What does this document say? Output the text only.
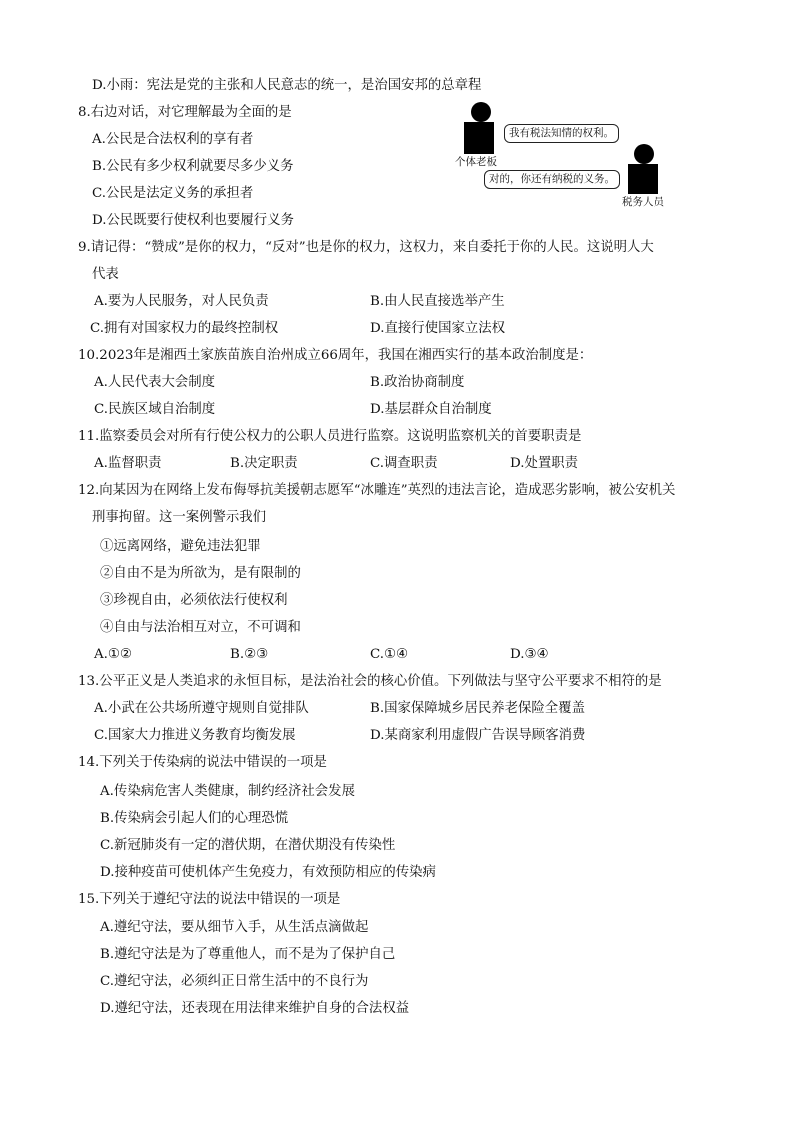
D.小雨：宪法是党的主张和人民意志的统一，是治国安邦的总章程
8.右边对话，对它理解最为全面的是
A.公民是合法权利的享有者
B.公民有多少权利就要尽多少义务
C.公民是法定义务的承担者
D.公民既要行使权利也要履行义务
9.请记得：“赞成”是你的权力，“反对”也是你的权力，这权力，来自委托于你的人民。这说明人大
代表
A.要为人民服务，对人民负责	B.由人民直接选举产生
C.拥有对国家权力的最终控制权	D.直接行使国家立法权
10.2023年是湘西土家族苗族自治州成立66周年，我国在湘西实行的基本政治制度是：
A.人民代表大会制度	B.政治协商制度
C.民族区域自治制度	D.基层群众自治制度
11.监察委员会对所有行使公权力的公职人员进行监察。这说明监察机关的首要职责是
A.监督职责	B.决定职责	C.调查职责	D.处置职责
12.向某因为在网络上发布侮辱抗美援朝志愿军“冰雕连”英烈的违法言论，造成恶劣影响，被公安机关
刑事拘留。这一案例警示我们
①远离网络，避免违法犯罪
②自由不是为所欲为，是有限制的
③珍视自由，必须依法行使权利
④自由与法治相互对立，不可调和
A.①②	B.②③	C.①④	D.③④
13.公平正义是人类追求的永恒目标，是法治社会的核心价值。下列做法与坚守公平要求不相符的是
A.小武在公共场所遵守规则自觉排队	B.国家保障城乡居民养老保险全覆盖
C.国家大力推进义务教育均衡发展	D.某商家利用虚假广告误导顾客消费
14.下列关于传染病的说法中错误的一项是
A.传染病危害人类健康，制约经济社会发展
B.传染病会引起人们的心理恐慌
C.新冠肺炎有一定的潜伏期，在潜伏期没有传染性
D.接种疫苗可使机体产生免疫力，有效预防相应的传染病
15.下列关于遵纪守法的说法中错误的一项是
A.遵纪守法，要从细节入手，从生活点滴做起
B.遵纪守法是为了尊重他人，而不是为了保护自己
C.遵纪守法，必须纠正日常生活中的不良行为
D.遵纪守法，还表现在用法律来维护自身的合法权益
个体老板
我有税法知情的权利。
税务人员
对的，你还有纳税的义务。
